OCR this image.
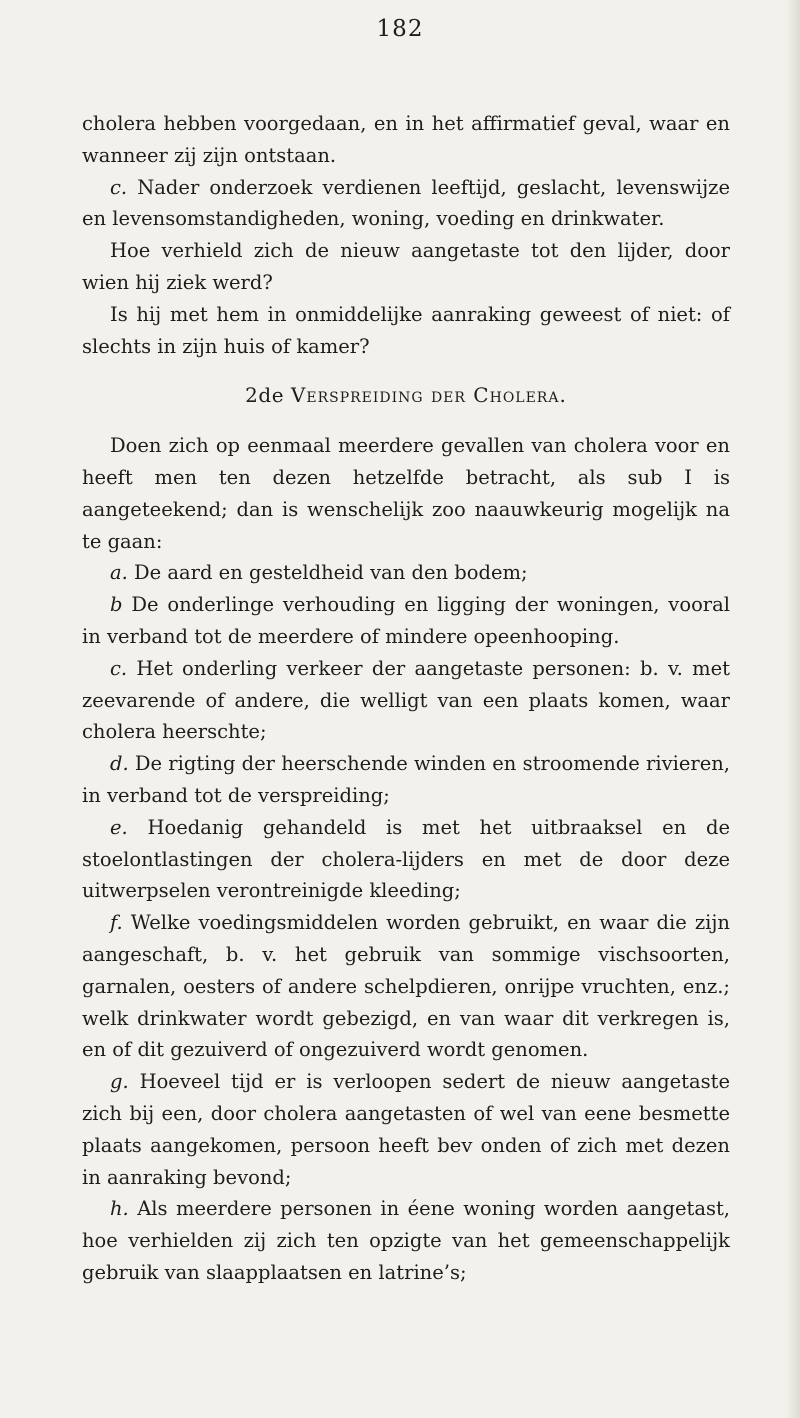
182

cholera hebben voorgedaan, en in het affirmatief geval, waar en wanneer zij zijn ontstaan.

c. Nader onderzoek verdienen leeftijd, geslacht, levenswijze en levensomstandigheden, woning, voeding en drinkwater.

Hoe verhield zich de nieuw aangetaste tot den lijder, door wien hij ziek werd?

Is hij met hem in onmiddelijke aanraking geweest of niet: of slechts in zijn huis of kamer?

2de Verspreiding der Cholera.

Doen zich op eenmaal meerdere gevallen van cholera voor en heeft men ten dezen hetzelfde betracht, als sub I is aangeteekend; dan is wenschelijk zoo naauwkeurig mogelijk na te gaan:

a. De aard en gesteldheid van den bodem;

b De onderlinge verhouding en ligging der woningen, vooral in verband tot de meerdere of mindere opeenhooping.

c. Het onderling verkeer der aangetaste personen: b. v. met zeevarende of andere, die welligt van een plaats komen, waar cholera heerschte;

d. De rigting der heerschende winden en stroomende rivieren, in verband tot de verspreiding;

e. Hoedanig gehandeld is met het uitbraaksel en de stoelontlastingen der cholera-lijders en met de door deze uitwerpselen verontreinigde kleeding;

f. Welke voedingsmiddelen worden gebruikt, en waar die zijn aangeschaft, b. v. het gebruik van sommige vischsoorten, garnalen, oesters of andere schelpdieren, onrijpe vruchten, enz.; welk drinkwater wordt gebezigd, en van waar dit verkregen is, en of dit gezuiverd of ongezuiverd wordt genomen.

g. Hoeveel tijd er is verloopen sedert de nieuw aangetaste zich bij een, door cholera aangetasten of wel van eene besmette plaats aangekomen, persoon heeft bev onden of zich met dezen in aanraking bevond;

h. Als meerdere personen in éene woning worden aangetast, hoe verhielden zij zich ten opzigte van het gemeenschappelijk gebruik van slaapplaatsen en latrine’s;
